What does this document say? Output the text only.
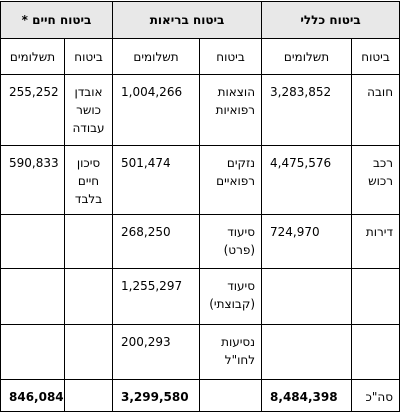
ביטוח כללי		ביטוח בריאות		ביטוח חיים *	
ביטוח	תשלומים	ביטוח	תשלומים	ביטוח	תשלומים
חובה	3,283,852	הוצאות רפואיות	1,004,266	אובדן כושר עבודה	255,252
רכב רכוש	4,475,576	נזקים רפואיים	501,474	סיכון חיים בלבד	590,833
דירות	724,970	סיעוד (פרט)	268,250		
		סיעוד (קבוצתי)	1,255,297		
		נסיעות לחו"ל	200,293		
סה"כ	8,484,398		3,299,580		846,084
